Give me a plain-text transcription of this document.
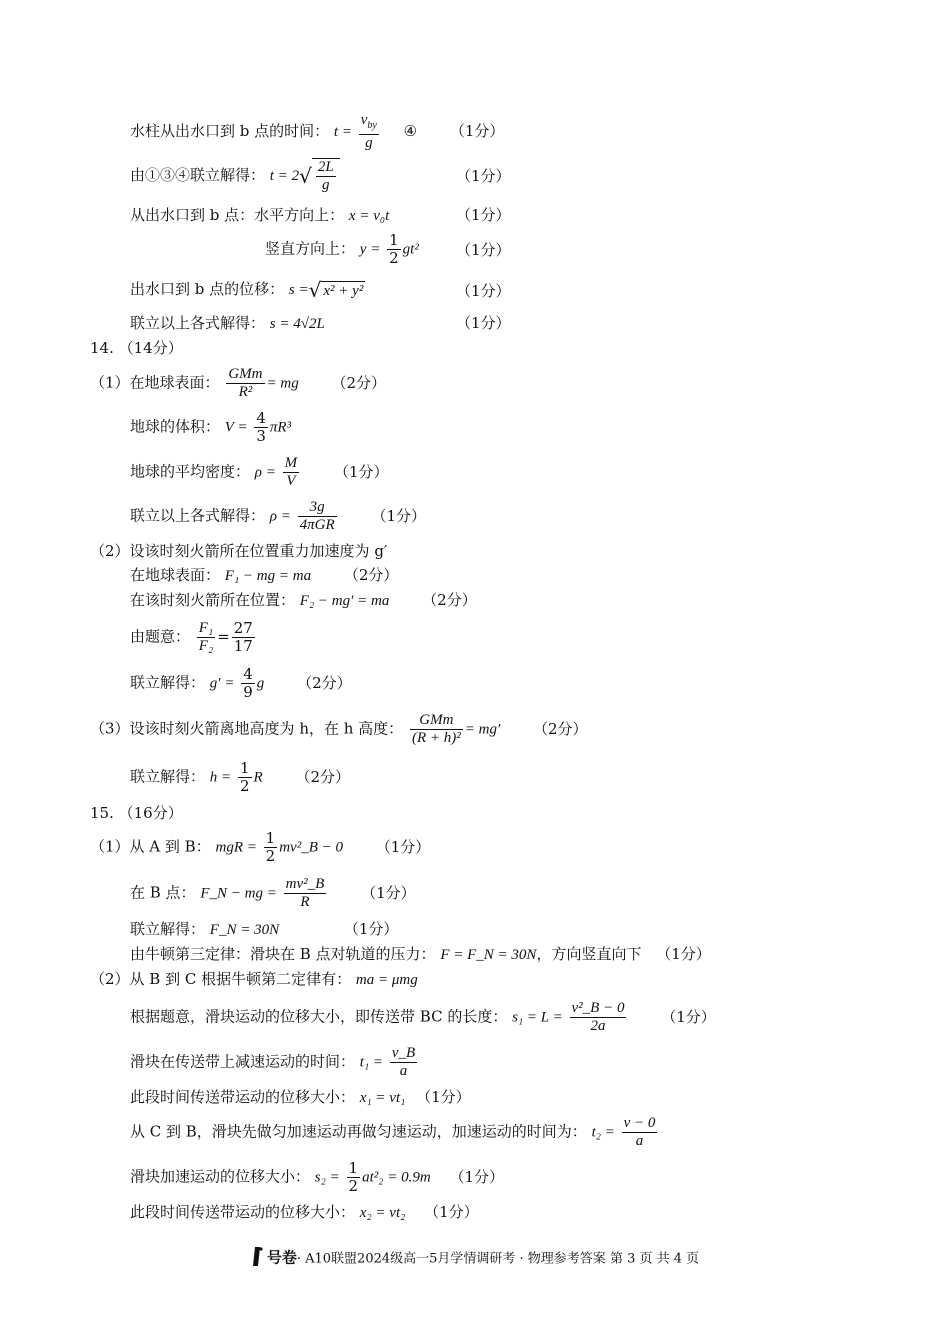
水柱从出水口到 b 点的时间： $t = \frac{v_{by}}{g}$ ④ （1分）
由①③④联立解得： $t = 2√ \frac{2L}{g}$	（1分）
从出水口到 b 点：水平方向上： x = v₀t	（1分）
竖直方向上： $y = \frac{1}{2} gt^2$ （1分）
出水口到 b 点的位移： s =√ x² + y²	（1分）
联立以上各式解得： s = 4√2L	（1分）
14. （14分）
（1）在地球表面： $\frac{\text{GMm}}{\text{R²}}$ = mg （2分）
地球的体积： $V = \frac{4}{3} \pi R^3$
地球的平均密度： $\rho = \frac{M}{V} (1$分）
联立以上各式解得： $\rho = \frac{3g}{\text{4πGR}} (1$分）
（2）设该时刻火箭所在位置重力加速度为 g′
在地球表面： F₁ − mg = ma （2分）
在该时刻火箭所在位置： F₂ − mg′ = ma （2分）
由题意： $\frac{\text{F₁}}{\text{F₂}} = \frac{27}{17}$
联立解得： $g' = \frac{4}{9}$ g （2分）
（3）设该时刻火箭离地高度为 h，在 h 高度： $\frac{\text{GMm}}{\text{(R + h)²}} = mg'$ （2分）
联立解得： $h = \frac{1}{2}$ R （2分）
15. （16分）
（1）从 A 到 B： mgR = $\frac{1}{2}$ mv²_B − 0 （1分）
在 B 点： F_N − mg = $\frac{\text{mv²\_B}}{R} (1$分）
联立解得： F_N = 30N	（1分）
由牛顿第三定律：滑块在 B 点对轨道的压力： F = F_N = 30N，方向竖直向下 （1分）
（2）从 B 到 C 根据牛顿第二定律有： ma = μmg
根据题意，滑块运动的位移大小，即传送带 BC 的长度： $s_1 = L = \frac{\text{v²\_B − 0}}{2a} (1$分）
滑块在传送带上减速运动的时间： $t_1 = \frac{v\_B}{a}$
此段时间传送带运动的位移大小： x₁ = vt₁ （1分）
从 C 到 B，滑块先做匀加速运动再做匀速运动，加速运动的时间为： $t_2 = \frac{v - 0}{a}$
滑块加速运动的位移大小： $s_2 = \frac{1}{2} at^2_2 = 0.9m$ （1分）
此段时间传送带运动的位移大小： x₂ = vt₂ （1分）
号卷· A10联盟2024级高一5月学情调研考 · 物理参考答案 第 3 页 共 4 页
